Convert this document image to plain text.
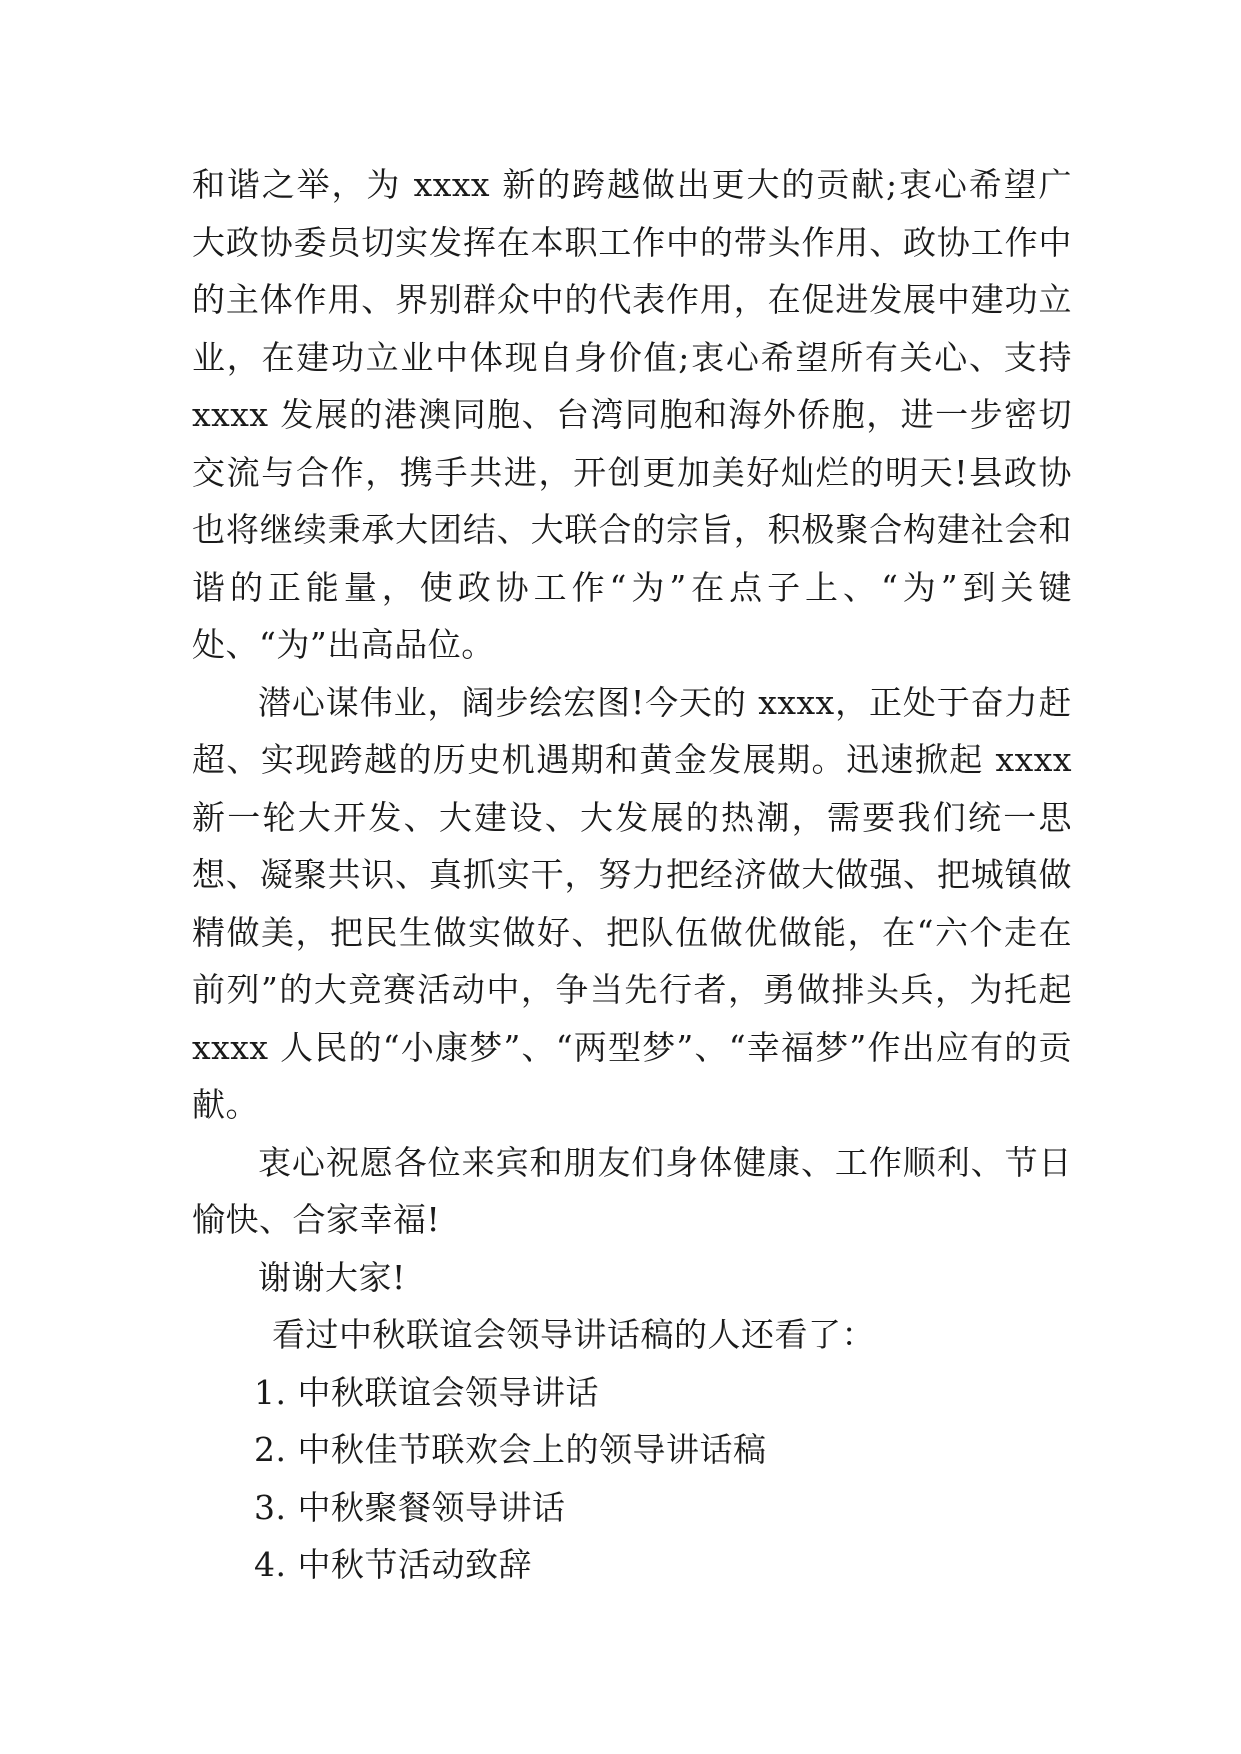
和谐之举，为 xxxx 新的跨越做出更大的贡献;衷心希望广大政协委员切实发挥在本职工作中的带头作用、政协工作中的主体作用、界别群众中的代表作用，在促进发展中建功立业，在建功立业中体现自身价值;衷心希望所有关心、支持 xxxx 发展的港澳同胞、台湾同胞和海外侨胞，进一步密切交流与合作，携手共进，开创更加美好灿烂的明天!县政协也将继续秉承大团结、大联合的宗旨，积极聚合构建社会和谐的正能量，使政协工作“为”在点子上、“为”到关键处、“为”出高品位。

潜心谋伟业，阔步绘宏图!今天的 xxxx，正处于奋力赶超、实现跨越的历史机遇期和黄金发展期。迅速掀起 xxxx 新一轮大开发、大建设、大发展的热潮，需要我们统一思想、凝聚共识、真抓实干，努力把经济做大做强、把城镇做精做美，把民生做实做好、把队伍做优做能，在“六个走在前列”的大竞赛活动中，争当先行者，勇做排头兵，为托起 xxxx 人民的“小康梦”、“两型梦”、“幸福梦”作出应有的贡献。

衷心祝愿各位来宾和朋友们身体健康、工作顺利、节日愉快、合家幸福!

谢谢大家!

看过中秋联谊会领导讲话稿的人还看了：

1. 中秋联谊会领导讲话

2. 中秋佳节联欢会上的领导讲话稿

3. 中秋聚餐领导讲话

4. 中秋节活动致辞
